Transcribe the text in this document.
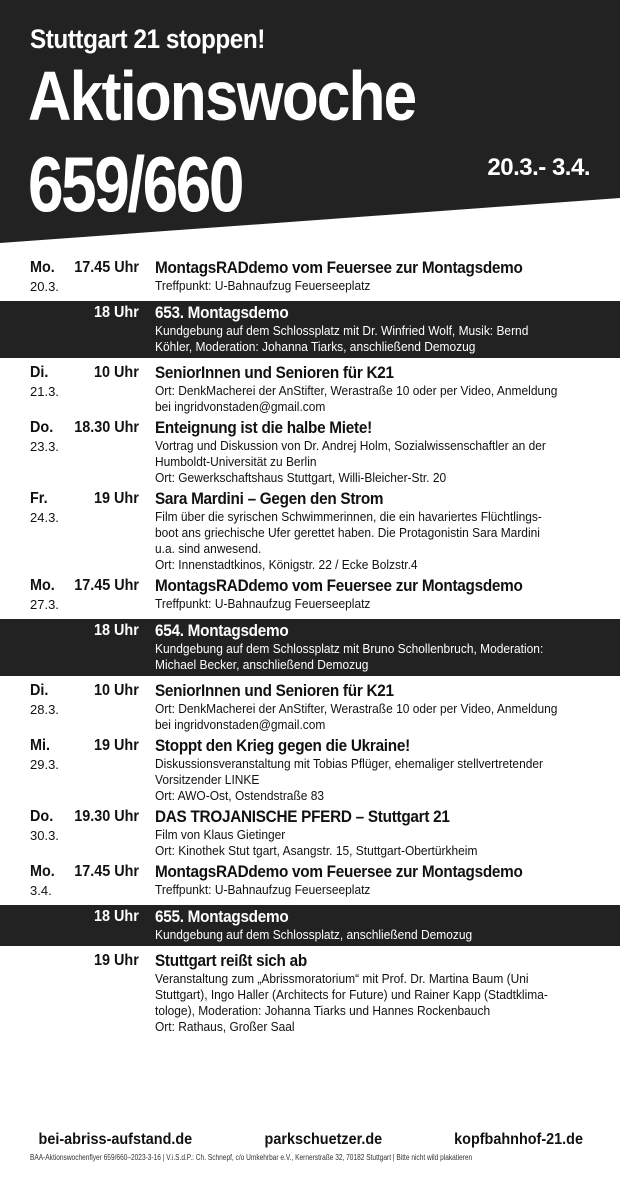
Stuttgart 21 stoppen!
Aktionswoche
659/660	20.3.- 3.4.
Mo. 17.45 Uhr
20.3.
MontagsRADdemo vom Feuersee zur Montagsdemo
Treffpunkt: U-Bahnaufzug Feuerseeplatz
18 Uhr 653. Montagsdemo
Kundgebung auf dem Schlossplatz mit Dr. Winfried Wolf, Musik: Bernd
Köhler, Moderation: Johanna Tiarks, anschließend Demozug
Di.	10 Uhr
21.3.
SeniorInnen und Senioren für K21
Ort: DenkMacherei der AnStifter, Werastraße 10 oder per Video, Anmeldung
bei ingridvonstaden@gmail.com
Do. 18.30 Uhr
23.3.
Enteignung ist die halbe Miete!
Vortrag und Diskussion von Dr. Andrej Holm, Sozialwissenschaftler an der
Humboldt-Universität zu Berlin
Ort: Gewerkschaftshaus Stuttgart, Willi-Bleicher-Str. 20
Fr.	19 Uhr
24.3.
Sara Mardini – Gegen den Strom
Film über die syrischen Schwimmerinnen, die ein havariertes Flüchtlings-
boot ans griechische Ufer gerettet haben. Die Protagonistin Sara Mardini
u.a. sind anwesend.
Ort: Innenstadtkinos, Königstr. 22 / Ecke Bolzstr.4
Mo. 17.45 Uhr
27.3.
MontagsRADdemo vom Feuersee zur Montagsdemo
Treffpunkt: U-Bahnaufzug Feuerseeplatz
18 Uhr 654. Montagsdemo
Kundgebung auf dem Schlossplatz mit Bruno Schollenbruch, Moderation:
Michael Becker, anschließend Demozug
Di.	10 Uhr
28.3.
SeniorInnen und Senioren für K21
Ort: DenkMacherei der AnStifter, Werastraße 10 oder per Video, Anmeldung
bei ingridvonstaden@gmail.com
Mi.	19 Uhr
29.3.
Stoppt den Krieg gegen die Ukraine!
Diskussionsveranstaltung mit Tobias Pflüger, ehemaliger stellvertretender
Vorsitzender LINKE
Ort: AWO-Ost, Ostendstraße 83
Do. 19.30 Uhr
30.3.
DAS TROJANISCHE PFERD – Stuttgart 21
Film von Klaus Gietinger
Ort: Kinothek Stut tgart, Asangstr. 15, Stuttgart-Obertürkheim
Mo. 17.45 Uhr
3.4.
MontagsRADdemo vom Feuersee zur Montagsdemo
Treffpunkt: U-Bahnaufzug Feuerseeplatz
18 Uhr 655. Montagsdemo
Kundgebung auf dem Schlossplatz, anschließend Demozug
19 Uhr Stuttgart reißt sich ab
Veranstaltung zum „Abrissmoratorium“ mit Prof. Dr. Martina Baum (Uni
Stuttgart), Ingo Haller (Architects for Future) und Rainer Kapp (Stadtklima-
tologe), Moderation: Johanna Tiarks und Hannes Rockenbauch
Ort: Rathaus, Großer Saal
bei-abriss-aufstand.de	parkschuetzer.de	kopfbahnhof-21.de
BAA-Aktionswochenflyer 659/660–2023-3-16 | V.i.S.d.P.: Ch. Schnepf, c/o Umkehrbar e.V., Kernerstraße 32, 70182 Stuttgart | Bitte nicht wild plakatieren
